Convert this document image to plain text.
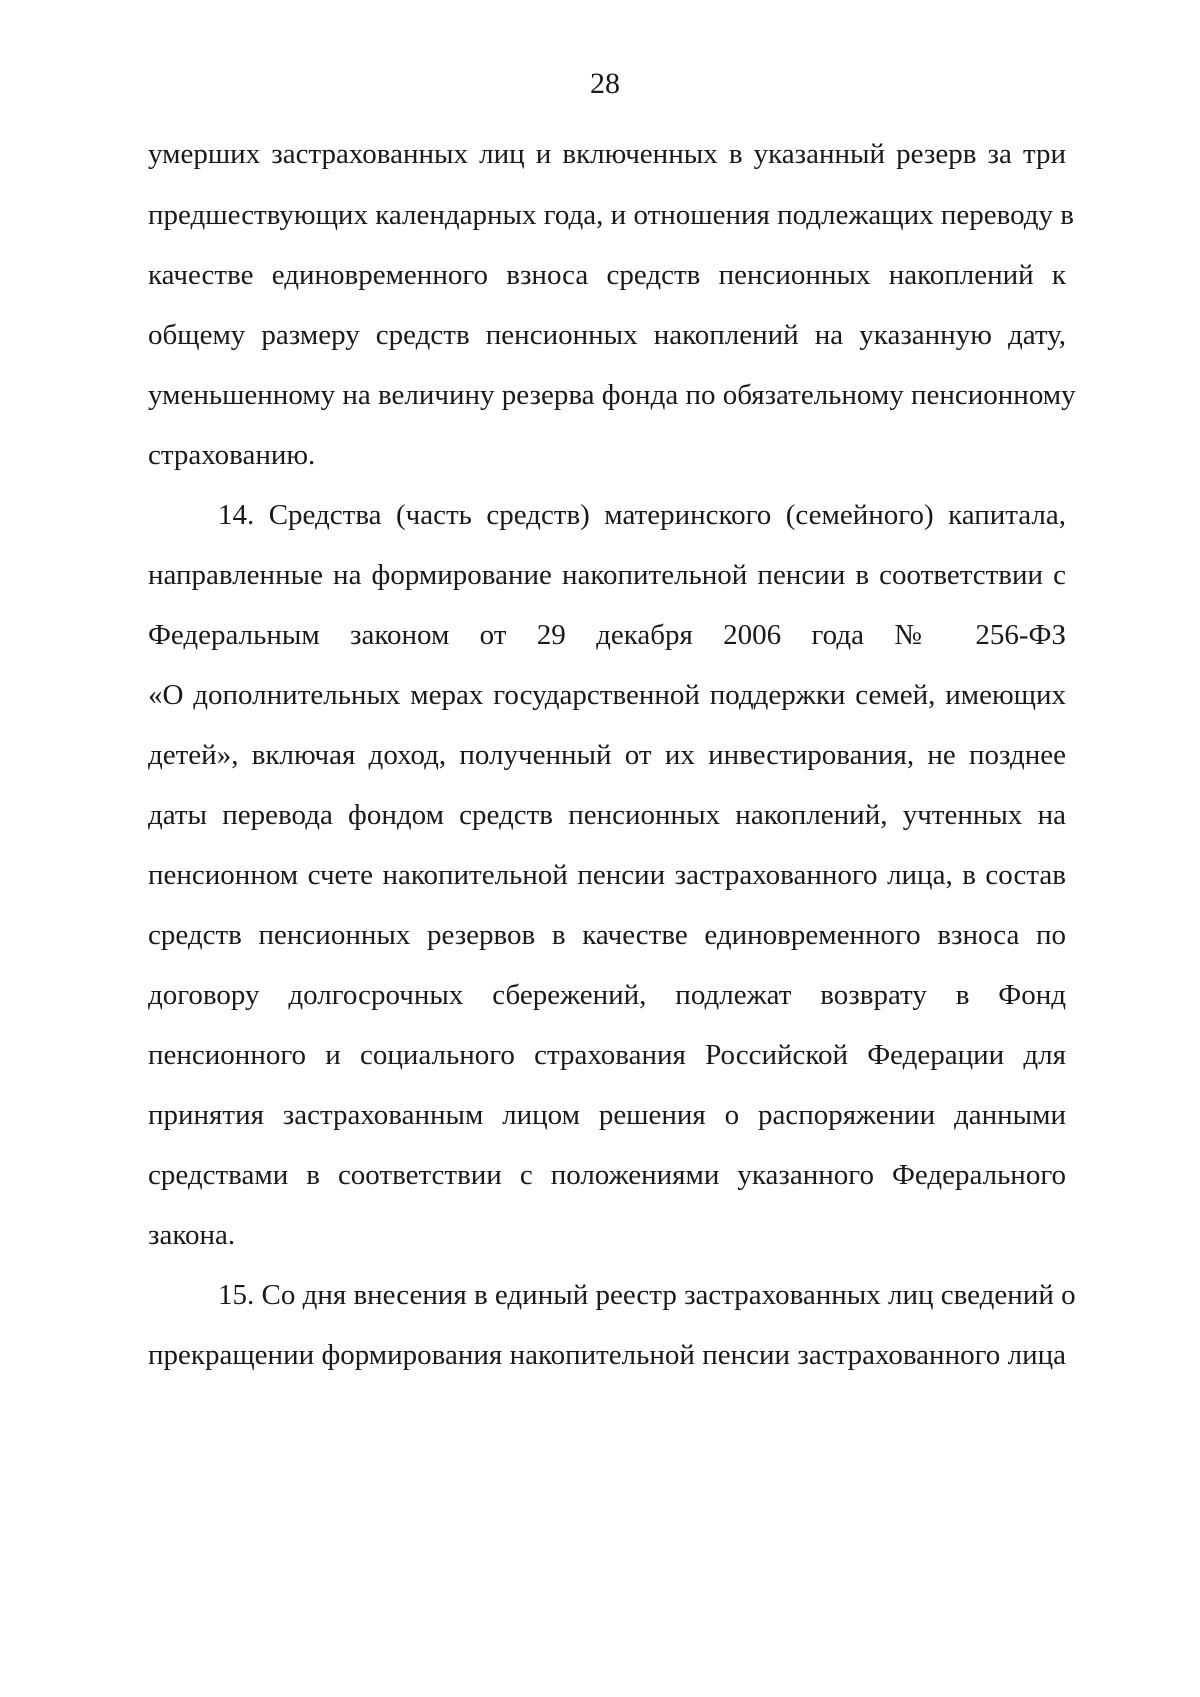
28
умерших застрахованных лиц и включенных в указанный резерв за три
предшествующих календарных года, и отношения подлежащих переводу в
качестве единовременного взноса средств пенсионных накоплений к
общему размеру средств пенсионных накоплений на указанную дату,
уменьшенному на величину резерва фонда по обязательному пенсионному
страхованию.
14. Средства (часть средств) материнского (семейного) капитала,
направленные на формирование накопительной пенсии в соответствии с
Федеральным законом от 29 декабря 2006 года № 256-ФЗ
«О дополнительных мерах государственной поддержки семей, имеющих
детей», включая доход, полученный от их инвестирования, не позднее
даты перевода фондом средств пенсионных накоплений, учтенных на
пенсионном счете накопительной пенсии застрахованного лица, в состав
средств пенсионных резервов в качестве единовременного взноса по
договору долгосрочных сбережений, подлежат возврату в Фонд
пенсионного и социального страхования Российской Федерации для
принятия застрахованным лицом решения о распоряжении данными
средствами в соответствии с положениями указанного Федерального
закона.
15. Со дня внесения в единый реестр застрахованных лиц сведений о
прекращении формирования накопительной пенсии застрахованного лица
